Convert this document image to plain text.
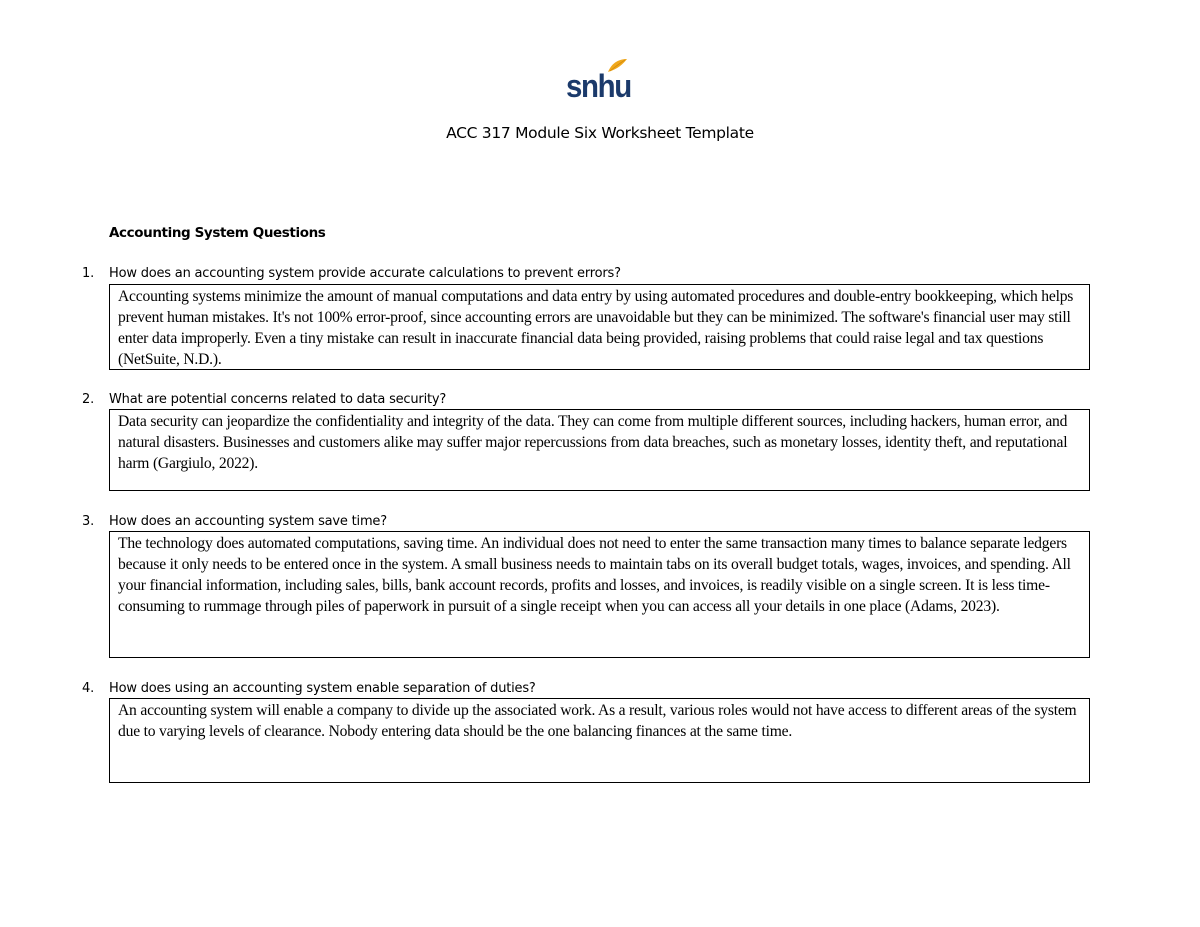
snhu
ACC 317 Module Six Worksheet Template
Accounting System Questions
1. How does an accounting system provide accurate calculations to prevent errors?
Accounting systems minimize the amount of manual computations and data entry by using automated procedures and double-entry bookkeeping, which helps prevent human mistakes. It's not 100% error-proof, since accounting errors are unavoidable but they can be minimized. The software's financial user may still enter data improperly. Even a tiny mistake can result in inaccurate financial data being provided, raising problems that could raise legal and tax questions (NetSuite, N.D.).
2. What are potential concerns related to data security?
Data security can jeopardize the confidentiality and integrity of the data. They can come from multiple different sources, including hackers, human error, and natural disasters. Businesses and customers alike may suffer major repercussions from data breaches, such as monetary losses, identity theft, and reputational harm (Gargiulo, 2022).
3. How does an accounting system save time?
The technology does automated computations, saving time. An individual does not need to enter the same transaction many times to balance separate ledgers because it only needs to be entered once in the system. A small business needs to maintain tabs on its overall budget totals, wages, invoices, and spending. All your financial information, including sales, bills, bank account records, profits and losses, and invoices, is readily visible on a single screen. It is less time-consuming to rummage through piles of paperwork in pursuit of a single receipt when you can access all your details in one place (Adams, 2023).
4. How does using an accounting system enable separation of duties?
An accounting system will enable a company to divide up the associated work. As a result, various roles would not have access to different areas of the system due to varying levels of clearance. Nobody entering data should be the one balancing finances at the same time.
